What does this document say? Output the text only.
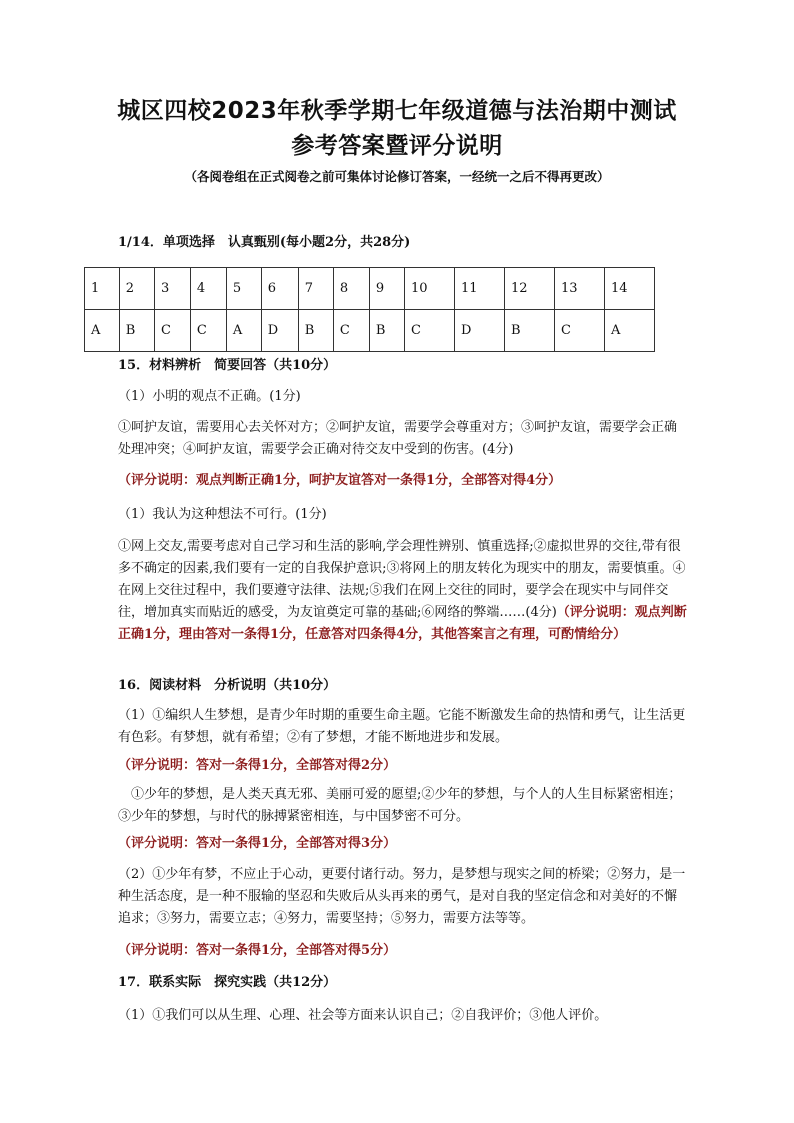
城区四校2023年秋季学期七年级道德与法治期中测试
参考答案暨评分说明
（各阅卷组在正式阅卷之前可集体讨论修订答案，一经统一之后不得再更改）
1/14．单项选择　认真甄别(每小题2分，共28分)
1	2	3	4	5	6	7	8	9	10	11	12	13	14
A	B	C	C	A	D	B	C	B	C	D	B	C	A
15．材料辨析　简要回答（共10分）
（1）小明的观点不正确。(1分)
①呵护友谊，需要用心去关怀对方；②呵护友谊，需要学会尊重对方；③呵护友谊，需要学会正确处理冲突；④呵护友谊，需要学会正确对待交友中受到的伤害。(4分)
（评分说明：观点判断正确1分，呵护友谊答对一条得1分，全部答对得4分）
（1）我认为这种想法不可行。(1分)
①网上交友,需要考虑对自己学习和生活的影响,学会理性辨别、慎重选择;②虚拟世界的交往,带有很多不确定的因素,我们要有一定的自我保护意识;③将网上的朋友转化为现实中的朋友，需要慎重。④在网上交往过程中，我们要遵守法律、法规;⑤我们在网上交往的同时，要学会在现实中与同伴交往，增加真实而贴近的感受，为友谊奠定可靠的基础;⑥网络的弊端……(4分)（评分说明：观点判断正确1分，理由答对一条得1分，任意答对四条得4分，其他答案言之有理，可酌情给分）
16．阅读材料　分析说明（共10分）
（1）①编织人生梦想，是青少年时期的重要生命主题。它能不断激发生命的热情和勇气，让生活更有色彩。有梦想，就有希望；②有了梦想，才能不断地进步和发展。
（评分说明：答对一条得1分，全部答对得2分）
①少年的梦想，是人类天真无邪、美丽可爱的愿望;②少年的梦想，与个人的人生目标紧密相连；③少年的梦想，与时代的脉搏紧密相连，与中国梦密不可分。
（评分说明：答对一条得1分，全部答对得3分）
（2）①少年有梦，不应止于心动，更要付诸行动。努力，是梦想与现实之间的桥梁；②努力，是一种生活态度，是一种不服输的坚忍和失败后从头再来的勇气，是对自我的坚定信念和对美好的不懈追求；③努力，需要立志；④努力，需要坚持；⑤努力，需要方法等等。
（评分说明：答对一条得1分，全部答对得5分）
17．联系实际　探究实践（共12分）
（1）①我们可以从生理、心理、社会等方面来认识自己；②自我评价；③他人评价。
